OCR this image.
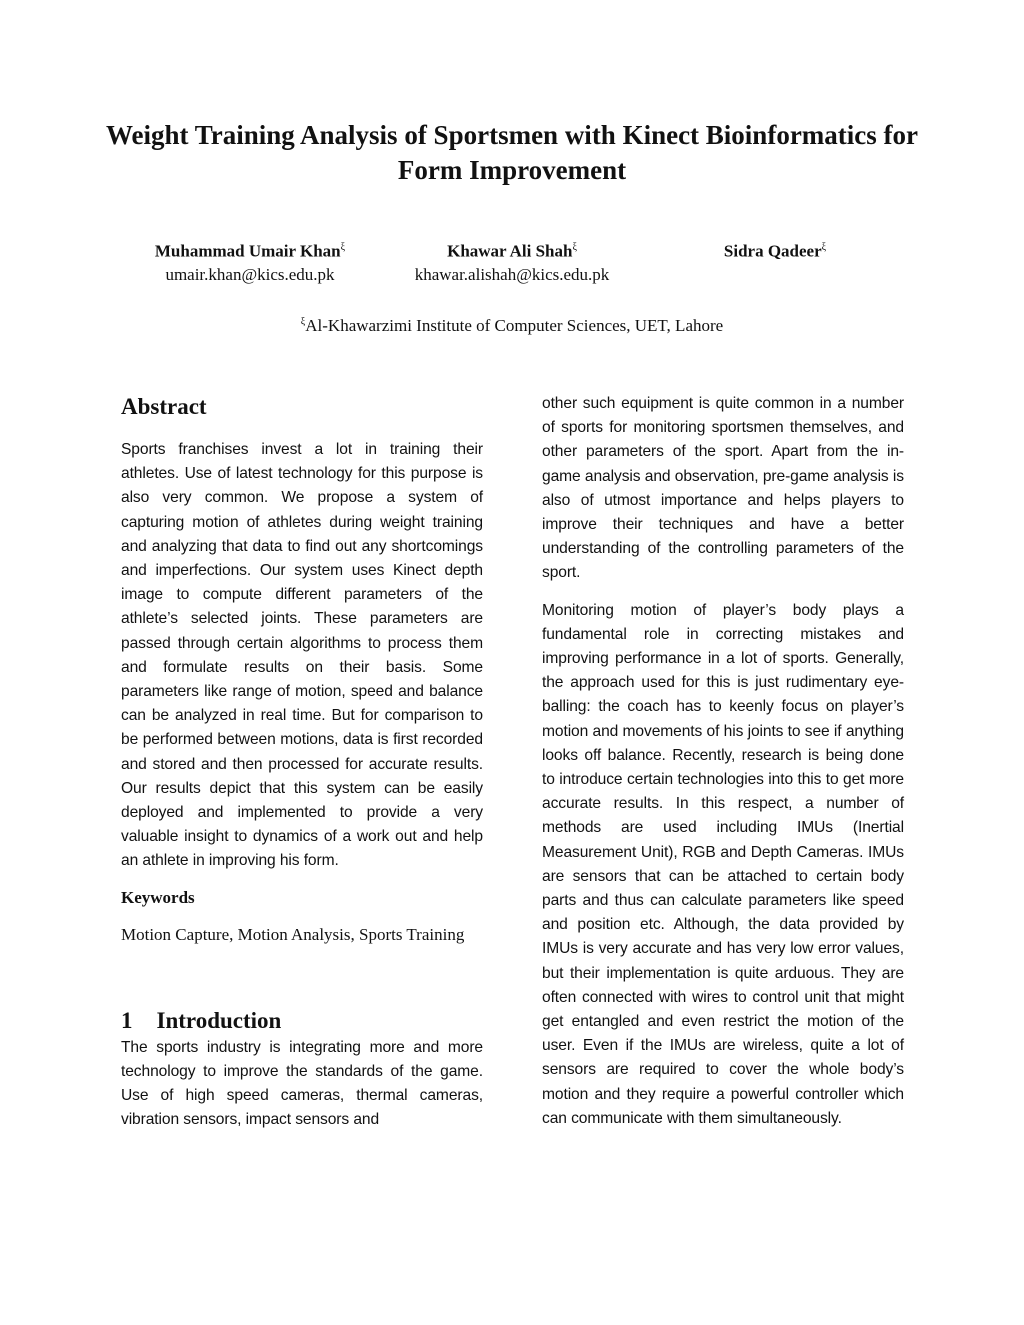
Weight Training Analysis of Sportsmen with Kinect Bioinformatics for Form Improvement
Muhammad Umair Khan$^\xi$
umair.khan@kics.edu.pk
Khawar Ali Shah$^\xi$
khawar.alishah@kics.edu.pk
Sidra Qadeer$^\xi$
$^\xi$Al-Khawarzimi Institute of Computer Sciences, UET, Lahore
Abstract

Sports franchises invest a lot in training their athletes. Use of latest technology for this purpose is also very common. We propose a system of capturing motion of athletes during weight training and analyzing that data to find out any shortcomings and imperfections. Our system uses Kinect depth image to compute different parameters of the athlete’s selected joints. These parameters are passed through certain algorithms to process them and formulate results on their basis. Some parameters like range of motion, speed and balance can be analyzed in real time. But for comparison to be performed between motions, data is first recorded and stored and then processed for accurate results. Our results depict that this system can be easily deployed and implemented to provide a very valuable insight to dynamics of a work out and help an athlete in improving his form.

Keywords

Motion Capture, Motion Analysis, Sports Training

1 Introduction

The sports industry is integrating more and more technology to improve the standards of the game. Use of high speed cameras, thermal cameras, vibration sensors, impact sensors and

other such equipment is quite common in a number of sports for monitoring sportsmen themselves, and other parameters of the sport. Apart from the in-game analysis and observation, pre-game analysis is also of utmost importance and helps players to improve their techniques and have a better understanding of the controlling parameters of the sport.

Monitoring motion of player’s body plays a fundamental role in correcting mistakes and improving performance in a lot of sports. Generally, the approach used for this is just rudimentary eye-balling: the coach has to keenly focus on player’s motion and movements of his joints to see if anything looks off balance. Recently, research is being done to introduce certain technologies into this to get more accurate results. In this respect, a number of methods are used including IMUs (Inertial Measurement Unit), RGB and Depth Cameras. IMUs are sensors that can be attached to certain body parts and thus can calculate parameters like speed and position etc. Although, the data provided by IMUs is very accurate and has very low error values, but their implementation is quite arduous. They are often connected with wires to control unit that might get entangled and even restrict the motion of the user. Even if the IMUs are wireless, quite a lot of sensors are required to cover the whole body’s motion and they require a powerful controller which can communicate with them simultaneously.
